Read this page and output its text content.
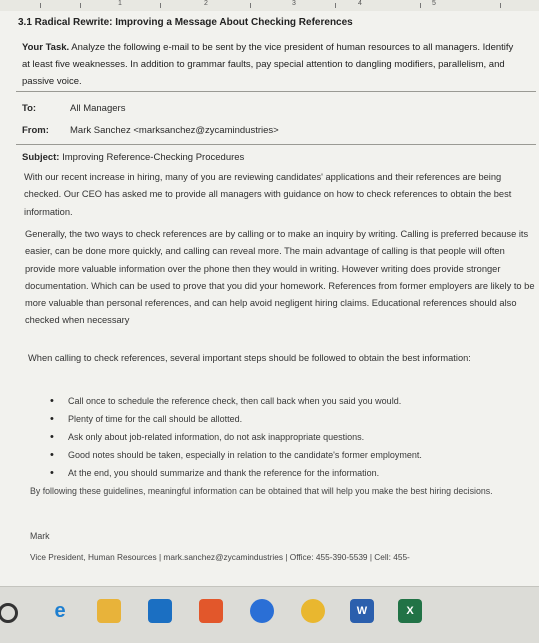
1	2	3	4	5
3.1 Radical Rewrite: Improving a Message About Checking References
Your Task. Analyze the following e-mail to be sent by the vice president of human resources to all managers. Identify at least five weaknesses. In addition to grammar faults, pay special attention to dangling modifiers, parallelism, and passive voice.
To:	All Managers
From: Mark Sanchez <marksanchez@zycamindustries>
Subject: Improving Reference-Checking Procedures
With our recent increase in hiring, many of you are reviewing candidates' applications and their references are being checked. Our CEO has asked me to provide all managers with guidance on how to check references to obtain the best information.
Generally, the two ways to check references are by calling or to make an inquiry by writing. Calling is preferred because its easier, can be done more quickly, and calling can reveal more. The main advantage of calling is that people will often provide more valuable information over the phone then they would in writing. However writing does provide stronger documentation. Which can be used to prove that you did your homework. References from former employers are likely to be more valuable than personal references, and can help avoid negligent hiring claims. Educational references should also checked when necessary
When calling to check references, several important steps should be followed to obtain the best information:
• Call once to schedule the reference check, then call back when you said you would.
• Plenty of time for the call should be allotted.
• Ask only about job-related information, do not ask inappropriate questions.
• Good notes should be taken, especially in relation to the candidate's former employment.
• At the end, you should summarize and thank the reference for the information.
By following these guidelines, meaningful information can be obtained that will help you make the best hiring decisions.
Mark
Vice President, Human Resources | mark.sanchez@zycamindustries | Office: 455-390-5539 | Cell: 455-
e	W	X
